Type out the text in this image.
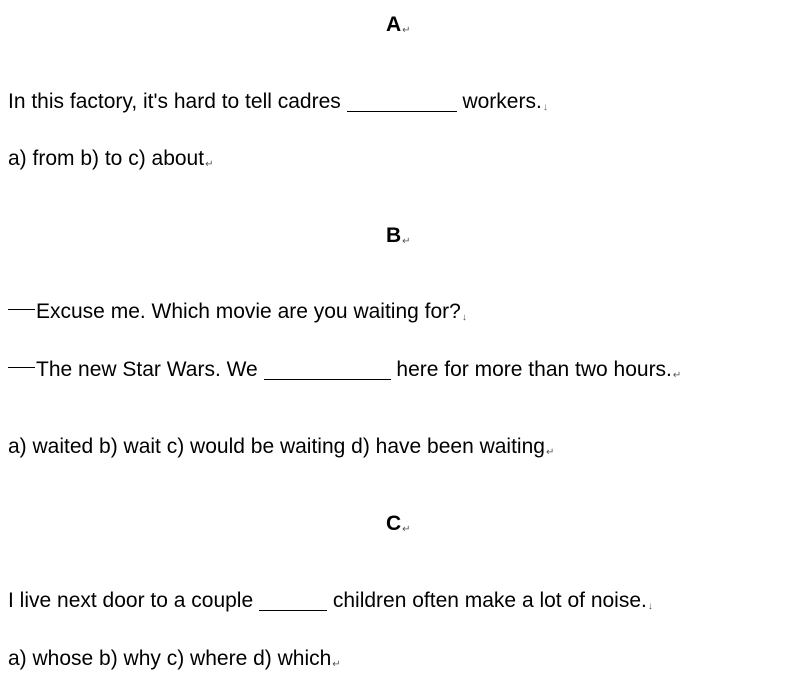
A↵
In this factory, it's hard to tell cadres	workers.↓
a) from b) to c) about↵
B↵
Excuse me. Which movie are you waiting for?↓
The new Star Wars. We	here for more than two hours.↵
a) waited b) wait c) would be waiting d) have been waiting↵
C↵
I live next door to a couple	children often make a lot of noise.↓
a) whose b) why c) where d) which↵
